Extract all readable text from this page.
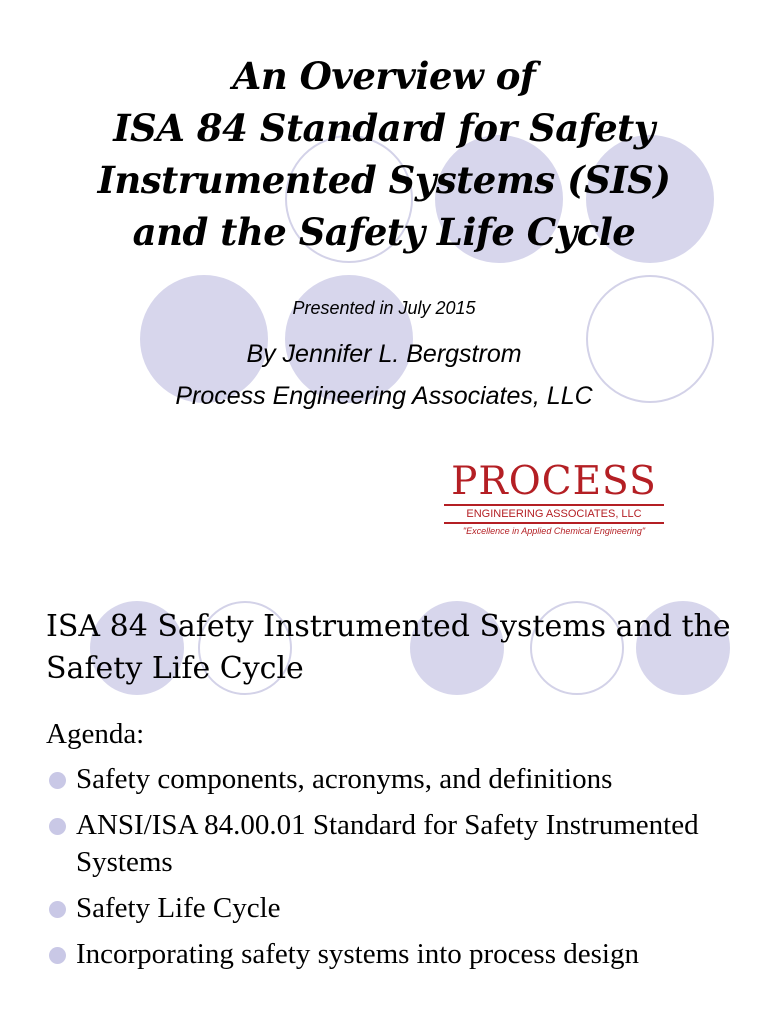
An Overview of
ISA 84 Standard for Safety
Instrumented Systems (SIS)
and the Safety Life Cycle
Presented in July 2015
By Jennifer L. Bergstrom
Process Engineering Associates, LLC
PROCESS
ENGINEERING ASSOCIATES, LLC
"Excellence in Applied Chemical Engineering"
ISA 84 Safety Instrumented Systems and the Safety Life Cycle
Agenda:
Safety components, acronyms, and definitions
ANSI/ISA 84.00.01 Standard for Safety Instrumented Systems
Safety Life Cycle
Incorporating safety systems into process design
